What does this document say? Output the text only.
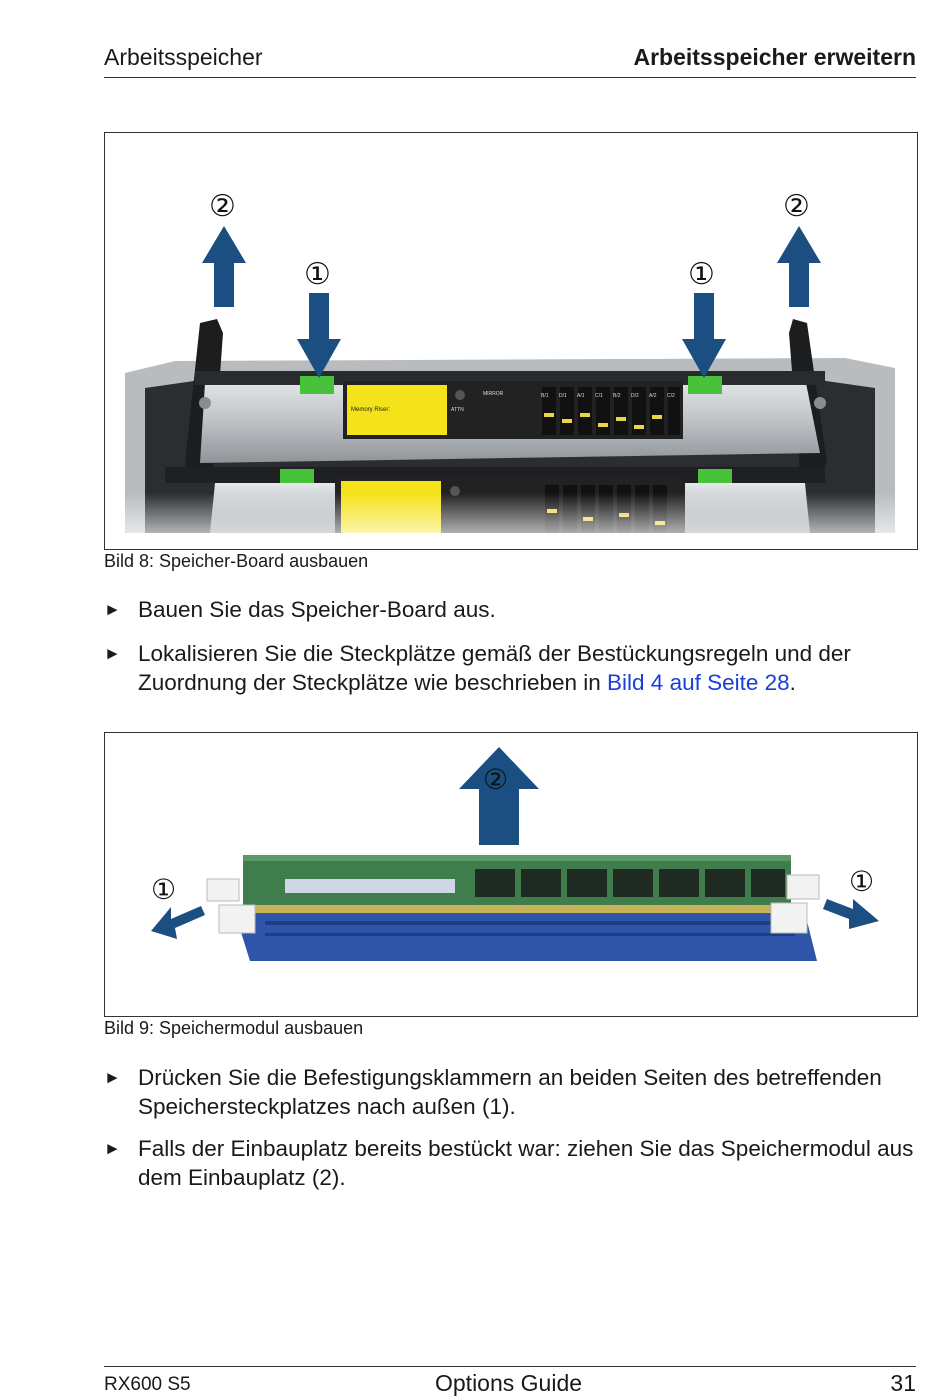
Arbeitsspeicher	Arbeitsspeicher erweitern
Memory Riser:	ATTN
MIRROR	B/1 D/1 A/1 C/1 B/2 D/2 A/2 C/2
②	②
①	①
Bild 8: Speicher-Board ausbauen
► Bauen Sie das Speicher-Board aus.
► Lokalisieren Sie die Steckplätze gemäß der Bestückungsregeln und der Zuordnung der Steckplätze wie beschrieben in Bild 4 auf Seite 28.
②
①	①
Bild 9: Speichermodul ausbauen
► Drücken Sie die Befestigungsklammern an beiden Seiten des betreffenden Speichersteckplatzes nach außen (1).
► Falls der Einbauplatz bereits bestückt war: ziehen Sie das Speichermodul aus dem Einbauplatz (2).
RX600 S5	Options Guide	31
